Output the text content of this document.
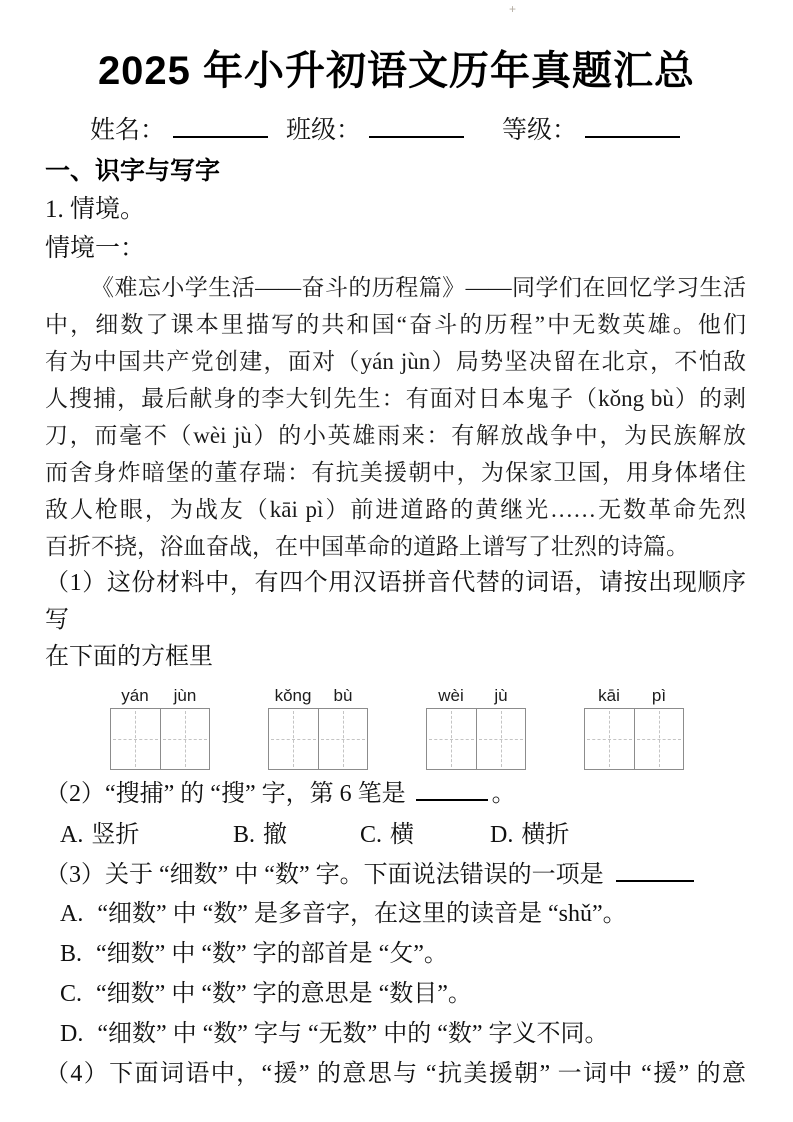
+
2025 年小升初语文历年真题汇总
姓名：	班级：	等级：
一、识字与写字
1. 情境。
情境一：
《难忘小学生活——奋斗的历程篇》——同学们在回忆学习生活
中，细数了课本里描写的共和国“奋斗的历程”中无数英雄。他们
有为中国共产党创建，面对（yán jùn）局势坚决留在北京，不怕敌
人搜捕，最后献身的李大钊先生：有面对日本鬼子（kǒng bù）的剥
刀，而毫不（wèi jù）的小英雄雨来：有解放战争中，为民族解放
而舍身炸暗堡的董存瑞：有抗美援朝中，为保家卫国，用身体堵住
敌人枪眼，为战友（kāi pì）前进道路的黄继光……无数革命先烈
百折不挠，浴血奋战，在中国革命的道路上谱写了壮烈的诗篇。
（1）这份材料中，有四个用汉语拼音代替的词语，请按出现顺序写
在下面的方框里
yán	jùn	kǒng	bù	wèi	jù	kāi	pì
（2）“搜捕” 的 “搜” 字，第 6 笔是	。
A. 竖折	B. 撤	C. 横	D. 横折
（3）关于 “细数” 中 “数” 字。下面说法错误的一项是
A. “细数” 中 “数” 是多音字，在这里的读音是 “shǔ”。
B. “细数” 中 “数” 字的部首是 “攵”。
C. “细数” 中 “数” 字的意思是 “数目”。
D. “细数” 中 “数” 字与 “无数” 中的 “数” 字义不同。
（4）下面词语中，“援” 的意思与 “抗美援朝” 一词中 “援” 的意
